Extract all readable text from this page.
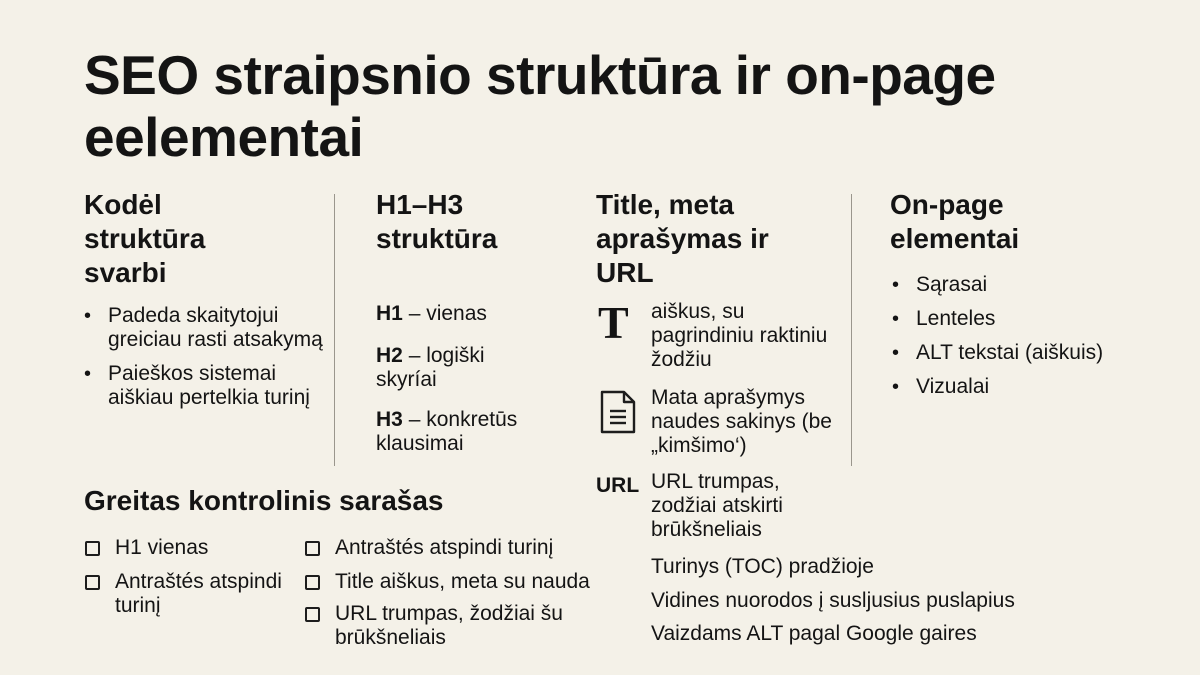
SEO straipsnio struktūra ir on-page eelementai
Kodėl struktūra svarbi
• Padeda skaitytojui greiciau rasti atsakymą
• Paieškos sistemai aiškiau pertelkia turinį
H1–H3 struktūra
H1 – vienas
H2 – logiški skyríai
H3 – konkretūs klausimai
Title, meta aprašymas ir URL
T aiškus, su pagrindiniu raktiniu žodžiu
Mata aprašymys naudes sakinys (be „kimšimo‘)
URL URL trumpas, zodžiai atskirti brūkšneliais
Turinys (TOC) pradžioje
Vidines nuorodos į susljusius puslapius
Vaizdams ALT pagal Google gaires
On-page elementai
• Sąrasai
• Lenteles
• ALT tekstai (aiškuis)
• Vizualai
Greitas kontrolinis sarašas
H1 vienas
Antraštés atspindi turinį
Antraštés atspindi turinį
Title aiškus, meta su nauda
URL trumpas, žodžiai šu brūkšneliais
